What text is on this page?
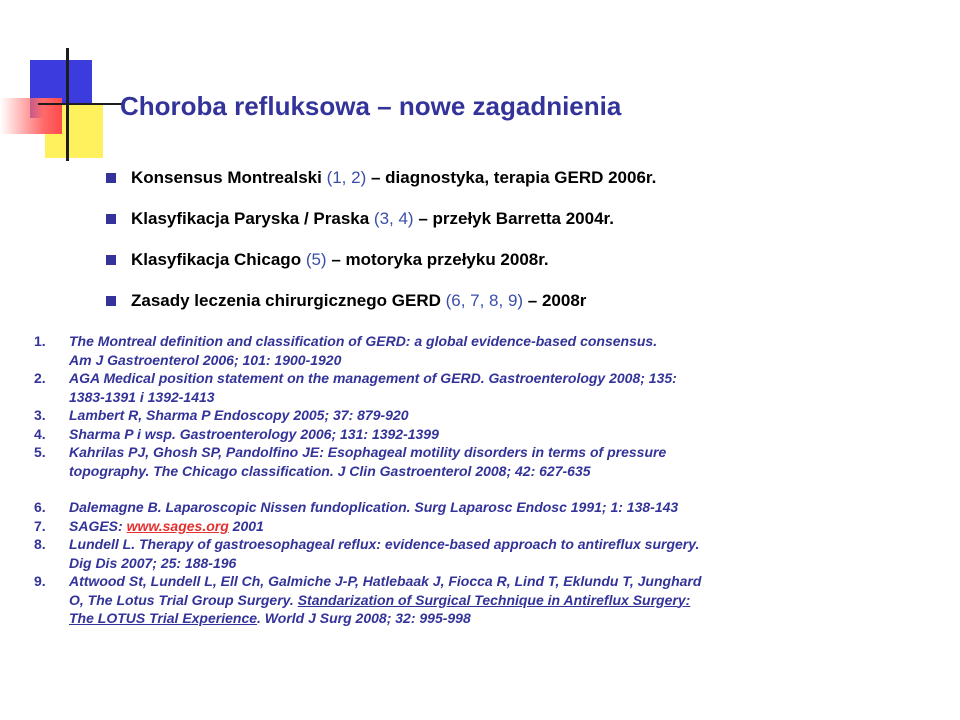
Choroba refluksowa – nowe zagadnienia
Konsensus Montrealski (1, 2) – diagnostyka, terapia GERD 2006r.
Klasyfikacja Paryska / Praska (3, 4) – przełyk Barretta 2004r.
Klasyfikacja Chicago (5) – motoryka przełyku 2008r.
Zasady leczenia chirurgicznego GERD (6, 7, 8, 9) – 2008r
1. The Montreal definition and classification of GERD: a global evidence-based consensus.
Am J Gastroenterol 2006; 101: 1900-1920
2. AGA Medical position statement on the management of GERD. Gastroenterology 2008; 135:
1383-1391 i 1392-1413
3. Lambert R, Sharma P Endoscopy 2005; 37: 879-920
4. Sharma P i wsp. Gastroenterology 2006; 131: 1392-1399
5. Kahrilas PJ, Ghosh SP, Pandolfino JE: Esophageal motility disorders in terms of pressure
topography. The Chicago classification. J Clin Gastroenterol 2008; 42: 627-635
6. Dalemagne B. Laparoscopic Nissen fundoplication. Surg Laparosc Endosc 1991; 1: 138-143
7. SAGES: www.sages.org 2001
8. Lundell L. Therapy of gastroesophageal reflux: evidence-based approach to antireflux surgery.
Dig Dis 2007; 25: 188-196
9. Attwood St, Lundell L, Ell Ch, Galmiche J-P, Hatlebaak J, Fiocca R, Lind T, Eklundu T, Junghard
O, The Lotus Trial Group Surgery. Standarization of Surgical Technique in Antireflux Surgery:
The LOTUS Trial Experience. World J Surg 2008; 32: 995-998
